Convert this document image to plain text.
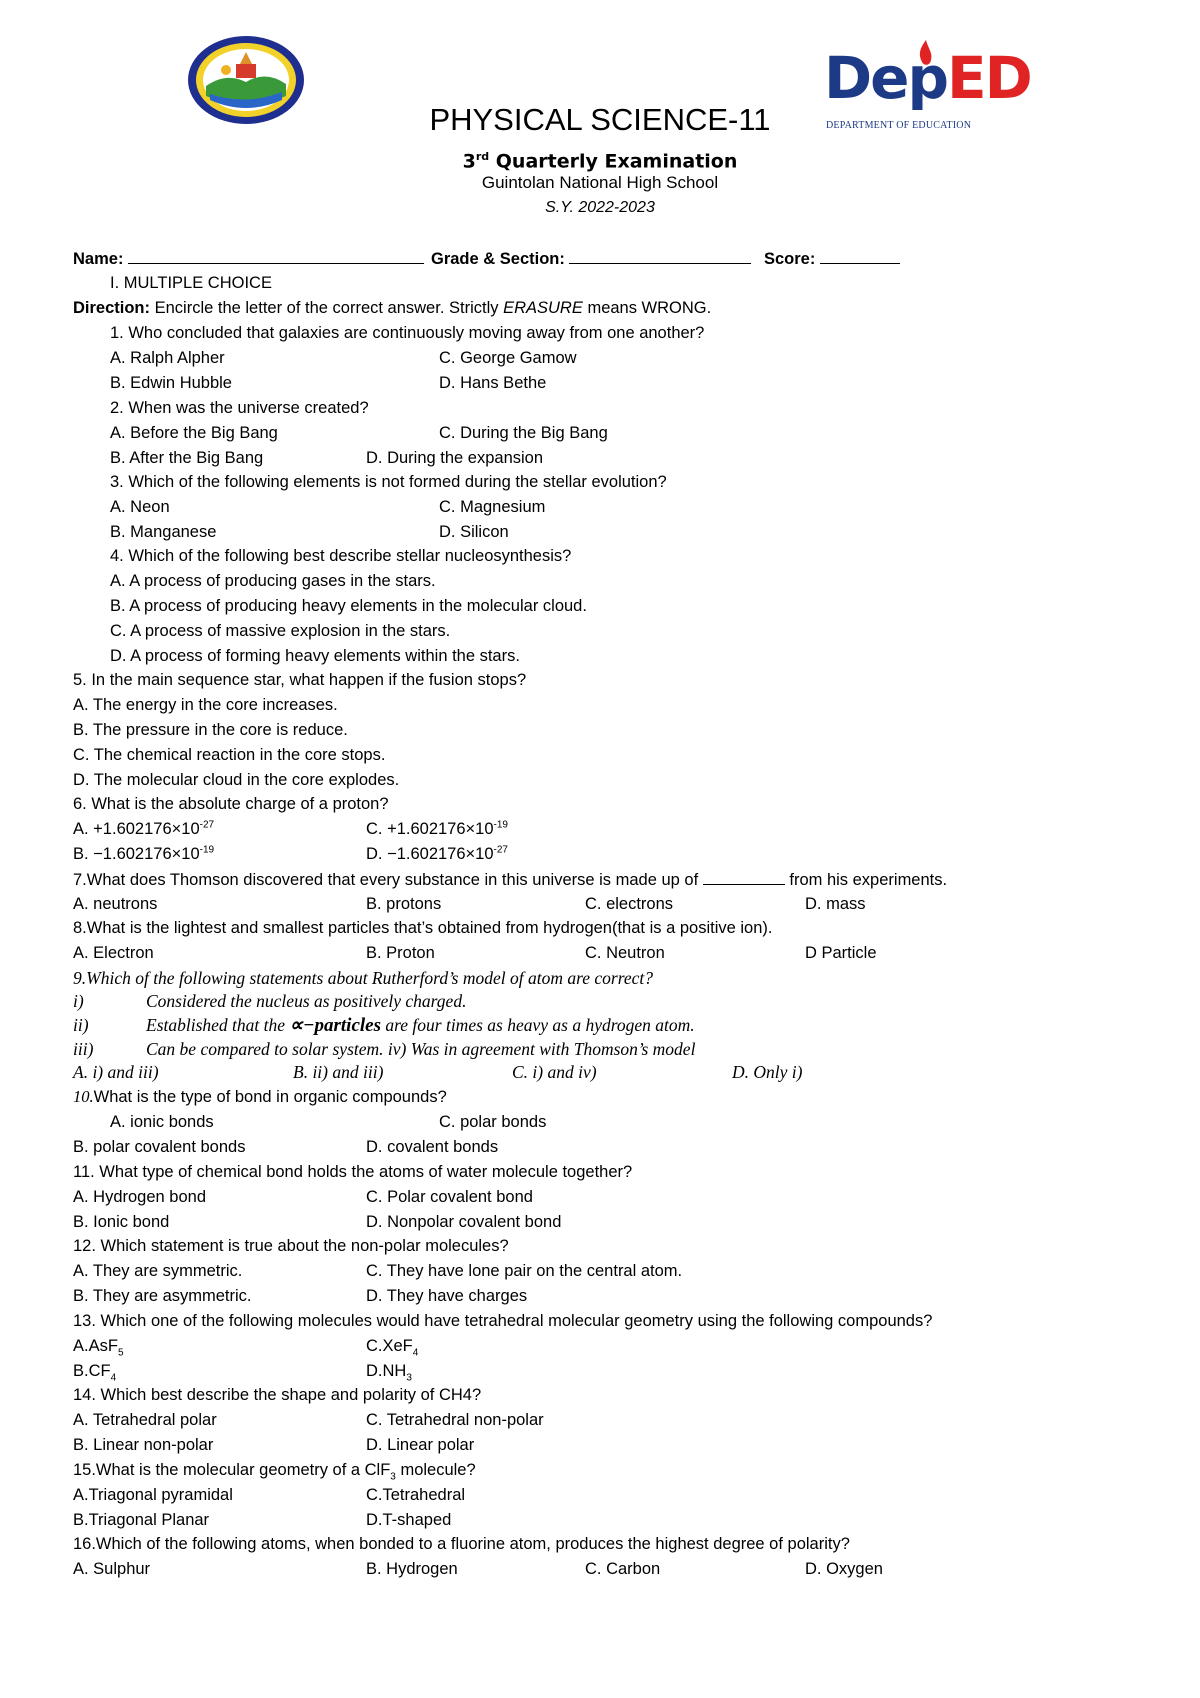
DepED
DEPARTMENT OF EDUCATION
PHYSICAL SCIENCE-11
3rd Quarterly Examination
Guintolan National High School
S.Y. 2022-2023
Name:	Grade & Section:	Score:
I. MULTIPLE CHOICE
Direction: Encircle the letter of the correct answer. Strictly ERASURE means WRONG.
1. Who concluded that galaxies are continuously moving away from one another?
A. Ralph Alpher	C. George Gamow
B. Edwin Hubble	D. Hans Bethe
2. When was the universe created?
A. Before the Big Bang	C. During the Big Bang
B. After the Big Bang	D. During the expansion
3. Which of the following elements is not formed during the stellar evolution?
A. Neon	C. Magnesium
B. Manganese	D. Silicon
4. Which of the following best describe stellar nucleosynthesis?
A. A process of producing gases in the stars.
B. A process of producing heavy elements in the molecular cloud.
C. A process of massive explosion in the stars.
D. A process of forming heavy elements within the stars.
5. In the main sequence star, what happen if the fusion stops?
A. The energy in the core increases.
B. The pressure in the core is reduce.
C. The chemical reaction in the core stops.
D. The molecular cloud in the core explodes.
6. What is the absolute charge of a proton?
A. $+1.602176\times 10^{-27}$	C. $+1.602176\times 10^{-19}$
B. $-1.602176\times 10^{-19}$	D. $-1.602176\times 10^{-27}$
7.What does Thomson discovered that every substance in this universe is made up of	from his experiments.
A. neutrons	B. protons	C. electrons	D. mass
8.What is the lightest and smallest particles that’s obtained from hydrogen(that is a positive ion).
A. Electron	B. Proton	C. Neutron	D Particle
9.Which of the following statements about Rutherford’s model of atom are correct?
i)	Considered the nucleus as positively charged.
ii)	Established that the ∝−particles are four times as heavy as a hydrogen atom.
iii)	Can be compared to solar system. iv) Was in agreement with Thomson’s model
A. i) and iii)	B. ii) and iii)	C. i) and iv)	D. Only i)
10.What is the type of bond in organic compounds?
A. ionic bonds	C. polar bonds
B. polar covalent bonds	D. covalent bonds
11. What type of chemical bond holds the atoms of water molecule together?
A. Hydrogen bond	C. Polar covalent bond
B. Ionic bond	D. Nonpolar covalent bond
12. Which statement is true about the non-polar molecules?
A. They are symmetric.	C. They have lone pair on the central atom.
B. They are asymmetric.	D. They have charges
13. Which one of the following molecules would have tetrahedral molecular geometry using the following compounds?
A.AsF$_5$	C.XeF$_4$
$B.CF_4$	$D.NH_3$
14. Which best describe the shape and polarity of CH4?
A. Tetrahedral polar	C. Tetrahedral non-polar
B. Linear non-polar	D. Linear polar
15.What is the molecular geometry of a ClF$_3$ molecule?
A.Triagonal pyramidal	C.Tetrahedral
B.Triagonal Planar	D.T-shaped
16.Which of the following atoms, when bonded to a fluorine atom, produces the highest degree of polarity?
A. Sulphur	B. Hydrogen	C. Carbon	D. Oxygen
